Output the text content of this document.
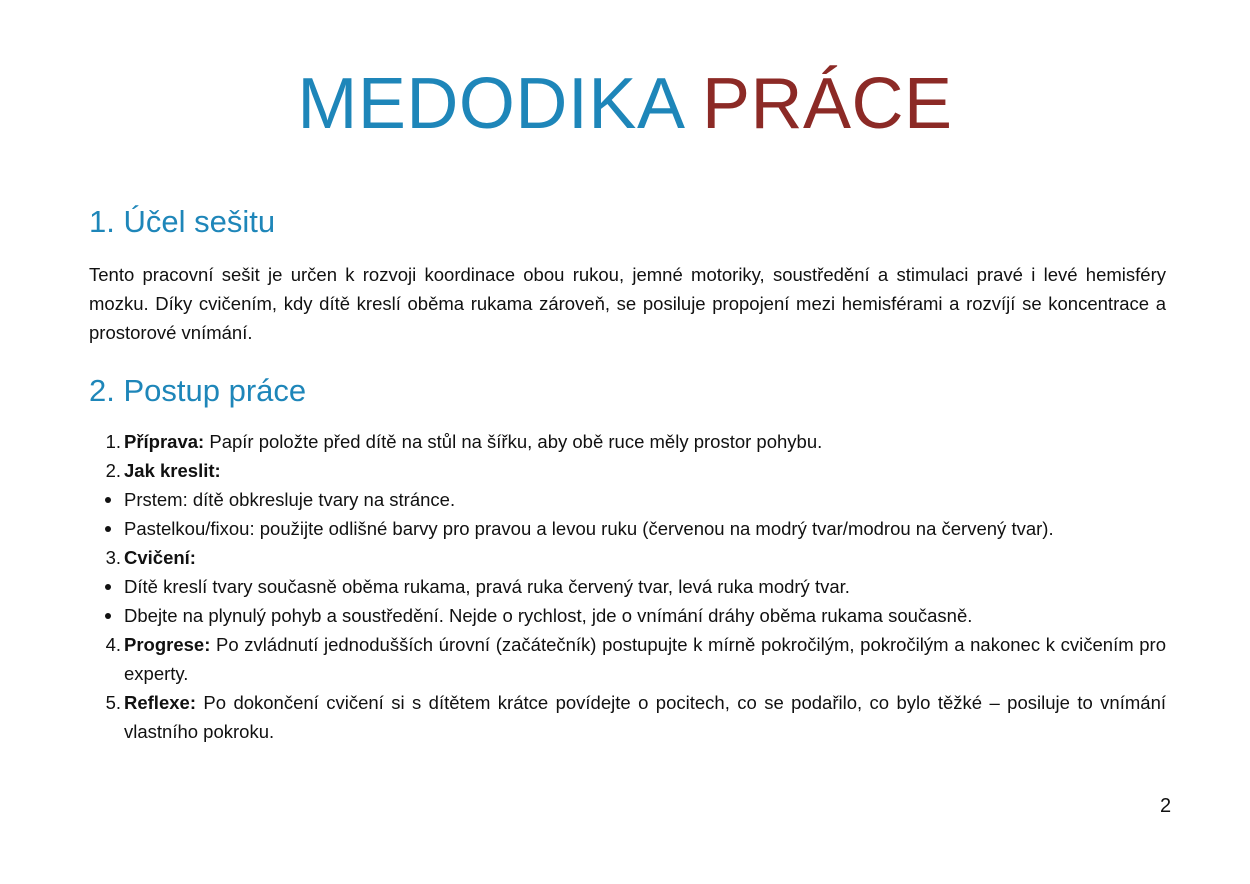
MEDODIKA PRÁCE
1. Účel sešitu

Tento pracovní sešit je určen k rozvoji koordinace obou rukou, jemné motoriky, soustředění a stimulaci pravé i levé hemisféry mozku. Díky cvičením, kdy dítě kreslí oběma rukama zároveň, se posiluje propojení mezi hemisférami a rozvíjí se koncentrace a prostorové vnímání.

2. Postup práce
1. Příprava: Papír položte před dítě na stůl na šířku, aby obě ruce měly prostor pohybu.
2. Jak kreslit:
Prstem: dítě obkresluje tvary na stránce.
Pastelkou/fixou: použijte odlišné barvy pro pravou a levou ruku (červenou na modrý tvar/modrou na červený tvar).
3. Cvičení:
Dítě kreslí tvary současně oběma rukama, pravá ruka červený tvar, levá ruka modrý tvar.
Dbejte na plynulý pohyb a soustředění. Nejde o rychlost, jde o vnímání dráhy oběma rukama současně.
4. Progrese: Po zvládnutí jednodušších úrovní (začátečník) postupujte k mírně pokročilým, pokročilým a nakonec k cvičením pro experty.
5. Reflexe: Po dokončení cvičení si s dítětem krátce povídejte o pocitech, co se podařilo, co bylo těžké – posiluje to vnímání vlastního pokroku.
2
